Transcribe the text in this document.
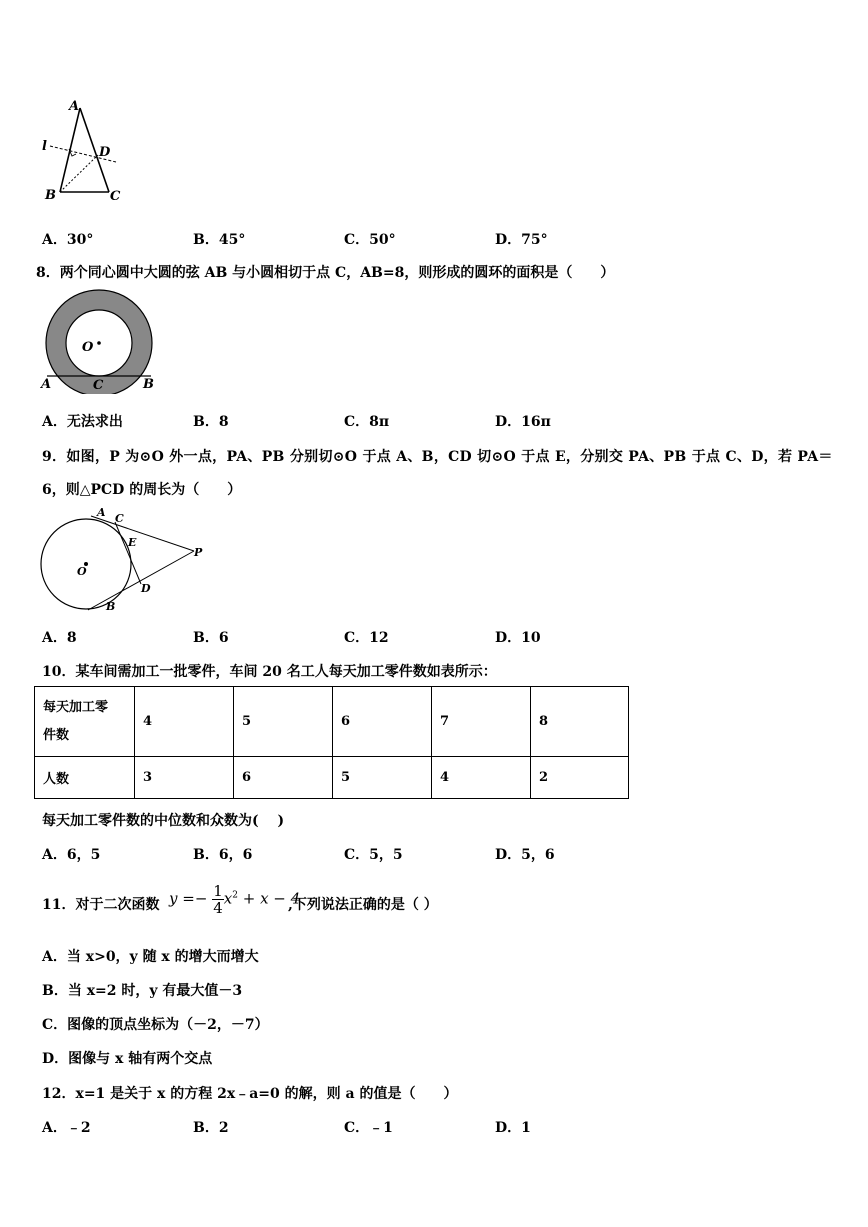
A
l	D
B	C
A．30°	B．45°	C．50°	D．75°
8．两个同心圆中大圆的弦 AB 与小圆相切于点 C，AB=8，则形成的圆环的面积是（　　）
O
A	C	B
A．无法求出	B．8	C．8π	D．16π
9．如图，P 为⊙O 外一点，PA、PB 分别切⊙O 于点 A、B，CD 切⊙O 于点 E，分别交 PA、PB 于点 C、D，若 PA＝
6，则△PCD 的周长为（　　）
A C
E
P
O
D
B
A．8	B．6	C．12	D．10
10．某车间需加工一批零件，车间 20 名工人每天加工零件数如表所示：
每天加工零
件数	4	5	6	7	8
人数	3	6	5	4	2
每天加工零件数的中位数和众数为(　 )
A．6，5	B．6，6	C．5，5	D．5，6
11．对于二次函数 $y =- \frac{1}{4} x^2 + x - 4$
,下列说法正确的是（ ）
A．当 x>0，y 随 x 的增大而增大
B．当 x=2 时，y 有最大值－3
C．图像的顶点坐标为（－2，－7）
D．图像与 x 轴有两个交点
12．x=1 是关于 x 的方程 2x﹣a=0 的解，则 a 的值是（　　）
A．﹣2	B．2	C．﹣1	D．1
